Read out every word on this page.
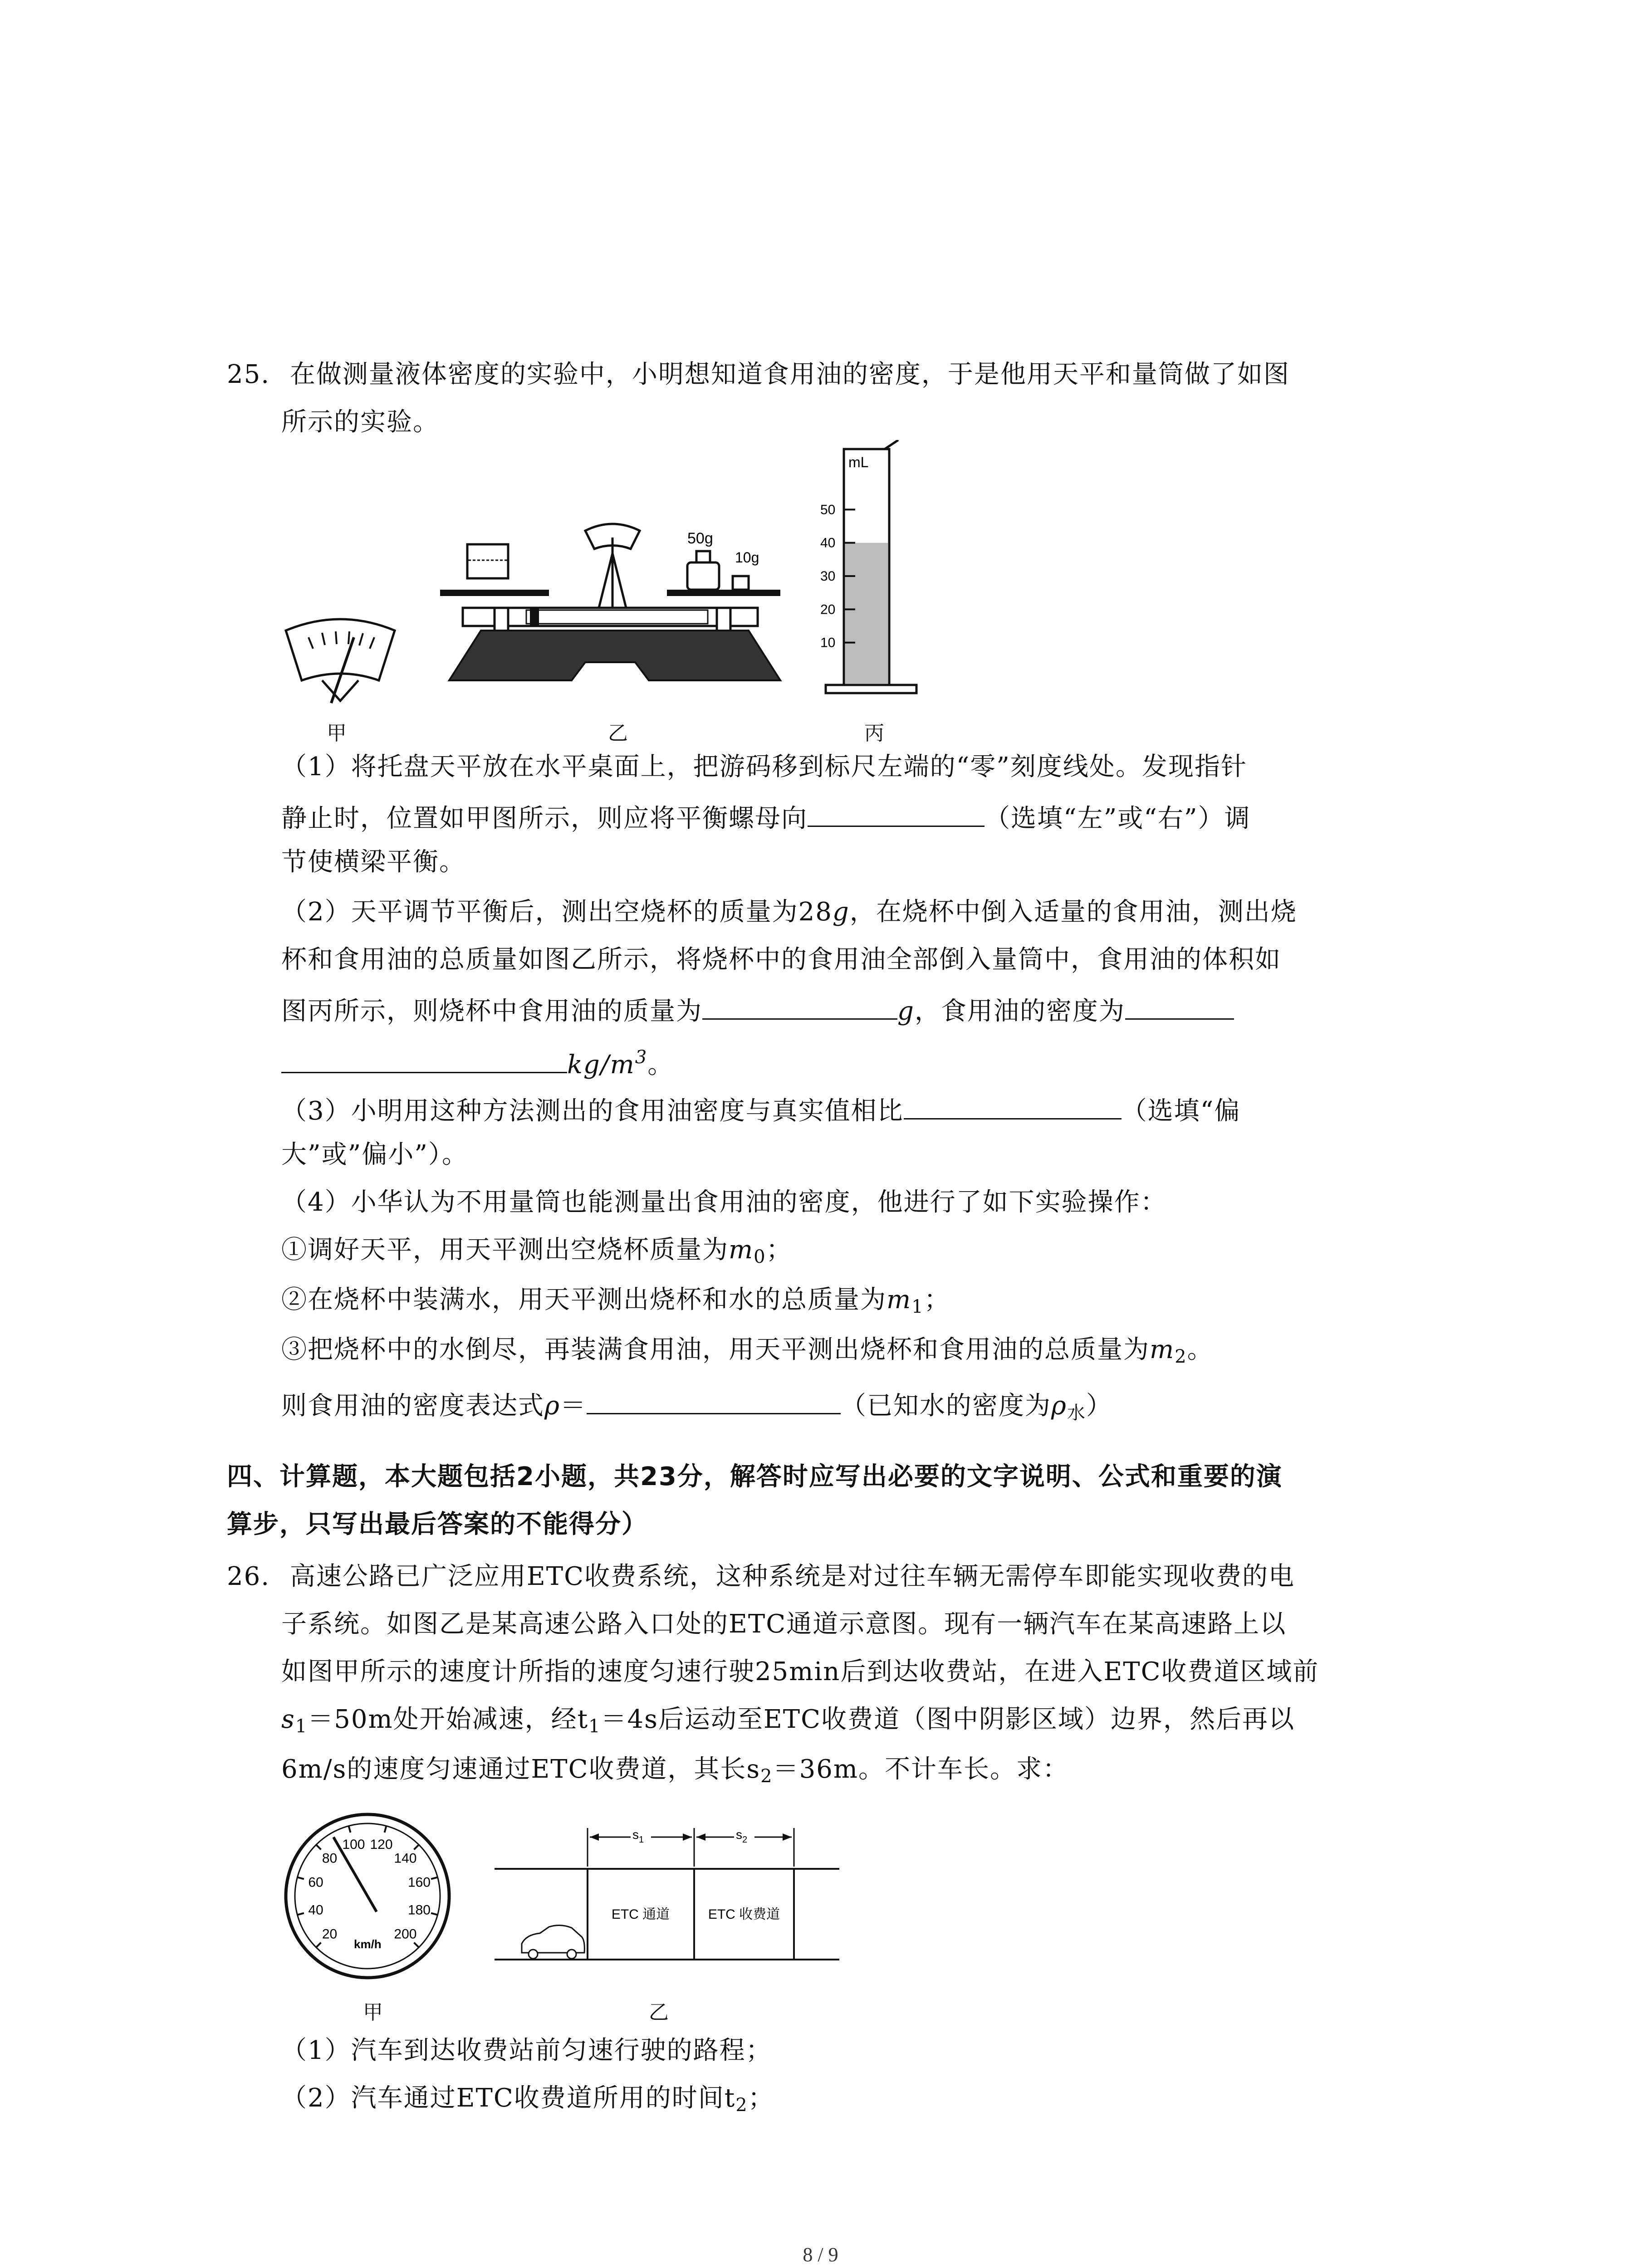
25. 在做测量液体密度的实验中，小明想知道食用油的密度，于是他用天平和量筒做了如图
所示的实验。
甲
50g
10g
乙
mL
50
40
30
20
10
丙
（1）将托盘天平放在水平桌面上，把游码移到标尺左端的“零”刻度线处。发现指针
静止时，位置如甲图所示，则应将平衡螺母向	（选填“左”或“右”）调
节使横梁平衡。
（2）天平调节平衡后，测出空烧杯的质量为28g，在烧杯中倒入适量的食用油，测出烧
杯和食用油的总质量如图乙所示，将烧杯中的食用油全部倒入量筒中，食用油的体积如
图丙所示，则烧杯中食用油的质量为	g，食用油的密度为
$kg/m^3$。
（3）小明用这种方法测出的食用油密度与真实值相比	（选填“偏
大”或”偏小”）。
（4）小华认为不用量筒也能测量出食用油的密度，他进行了如下实验操作：
①调好天平，用天平测出空烧杯质量为$m_0$；
②在烧杯中装满水，用天平测出烧杯和水的总质量为$m_1$；
③把烧杯中的水倒尽，再装满食用油，用天平测出烧杯和食用油的总质量为$m_2$。
则食用油的密度表达式ρ＝	（已知水的密度为$\rho_水$）
四、计算题，本大题包括2小题，共23分，解答时应写出必要的文字说明、公式和重要的演
算步，只写出最后答案的不能得分）
26. 高速公路已广泛应用ETC收费系统，这种系统是对过往车辆无需停车即能实现收费的电
子系统。如图乙是某高速公路入口处的ETC通道示意图。现有一辆汽车在某高速路上以
如图甲所示的速度计所指的速度匀速行驶25min后到达收费站，在进入ETC收费道区域前
$s_1=50m$处开始减速，经$t_1=4s$后运动至ETC收费道（图中阴影区域）边界，然后再以
6m/s的速度匀速通过ETC收费道，其长$s_2=36m$。不计车长。求：
20
40
60
80
100 120
140
160
180
200
km/h
甲
$s_1$	$s_2$
ETC 通道	ETC 收费道
乙
（1）汽车到达收费站前匀速行驶的路程；
（2）汽车通过ETC收费道所用的时间$t_2$；
8 / 9
